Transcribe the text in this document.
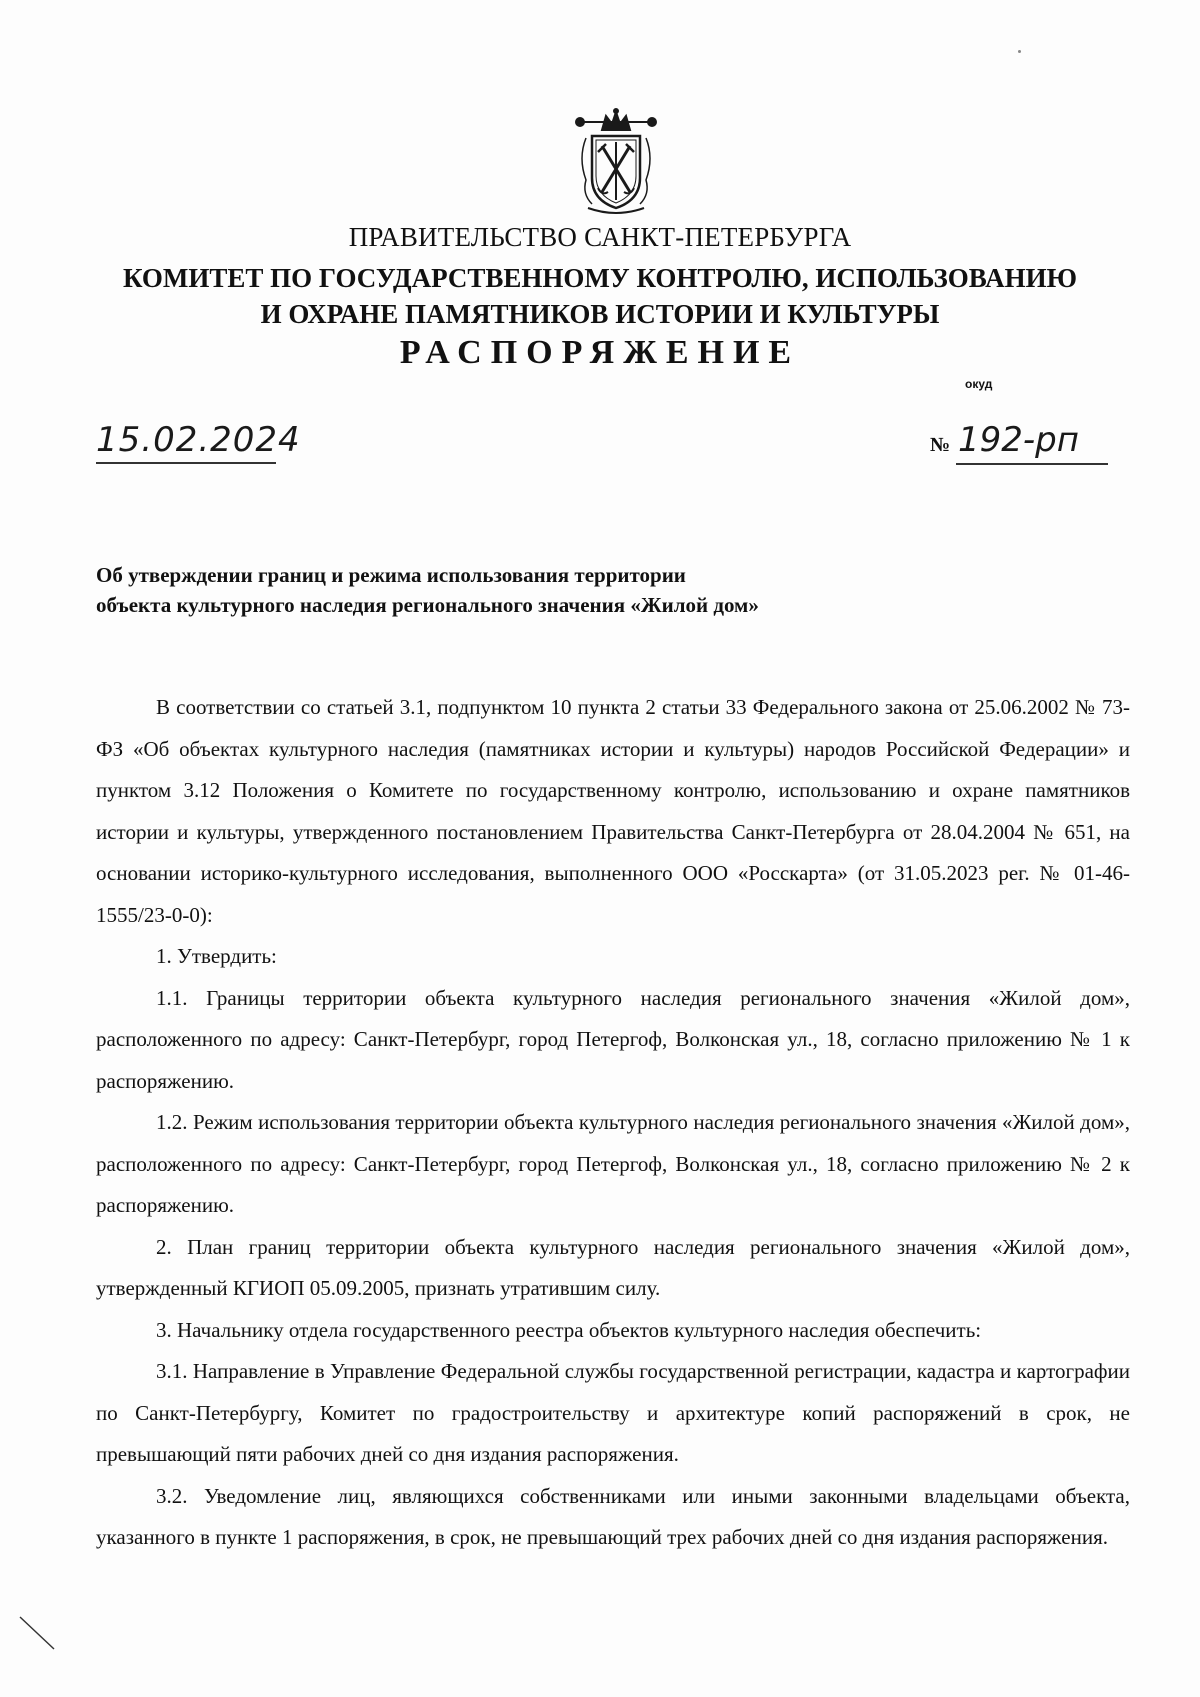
ПРАВИТЕЛЬСТВО САНКТ-ПЕТЕРБУРГА
КОМИТЕТ ПО ГОСУДАРСТВЕННОМУ КОНТРОЛЮ, ИСПОЛЬЗОВАНИЮ
И ОХРАНЕ ПАМЯТНИКОВ ИСТОРИИ И КУЛЬТУРЫ
РАСПОРЯЖЕНИЕ
окуд
15.02.2024	№ 192-рп
Об утверждении границ и режима использования территории
объекта культурного наследия регионального значения «Жилой дом»

В соответствии со статьей 3.1, подпунктом 10 пункта 2 статьи 33 Федерального закона от 25.06.2002 № 73-ФЗ «Об объектах культурного наследия (памятниках истории и культуры) народов Российской Федерации» и пунктом 3.12 Положения о Комитете по государственному контролю, использованию и охране памятников истории и культуры, утвержденного постановлением Правительства Санкт-Петербурга от 28.04.2004 № 651, на основании историко-культурного исследования, выполненного ООО «Росскарта» (от 31.05.2023 рег. № 01-46-1555/23-0-0):

1. Утвердить:

1.1. Границы территории объекта культурного наследия регионального значения «Жилой дом», расположенного по адресу: Санкт-Петербург, город Петергоф, Волконская ул., 18, согласно приложению № 1 к распоряжению.

1.2. Режим использования территории объекта культурного наследия регионального значения «Жилой дом», расположенного по адресу: Санкт-Петербург, город Петергоф, Волконская ул., 18, согласно приложению № 2 к распоряжению.

2. План границ территории объекта культурного наследия регионального значения «Жилой дом», утвержденный КГИОП 05.09.2005, признать утратившим силу.

3. Начальнику отдела государственного реестра объектов культурного наследия обеспечить:

3.1. Направление в Управление Федеральной службы государственной регистрации, кадастра и картографии по Санкт-Петербургу, Комитет по градостроительству и архитектуре копий распоряжений в срок, не превышающий пяти рабочих дней со дня издания распоряжения.

3.2. Уведомление лиц, являющихся собственниками или иными законными владельцами объекта, указанного в пункте 1 распоряжения, в срок, не превышающий трех рабочих дней со дня издания распоряжения.
